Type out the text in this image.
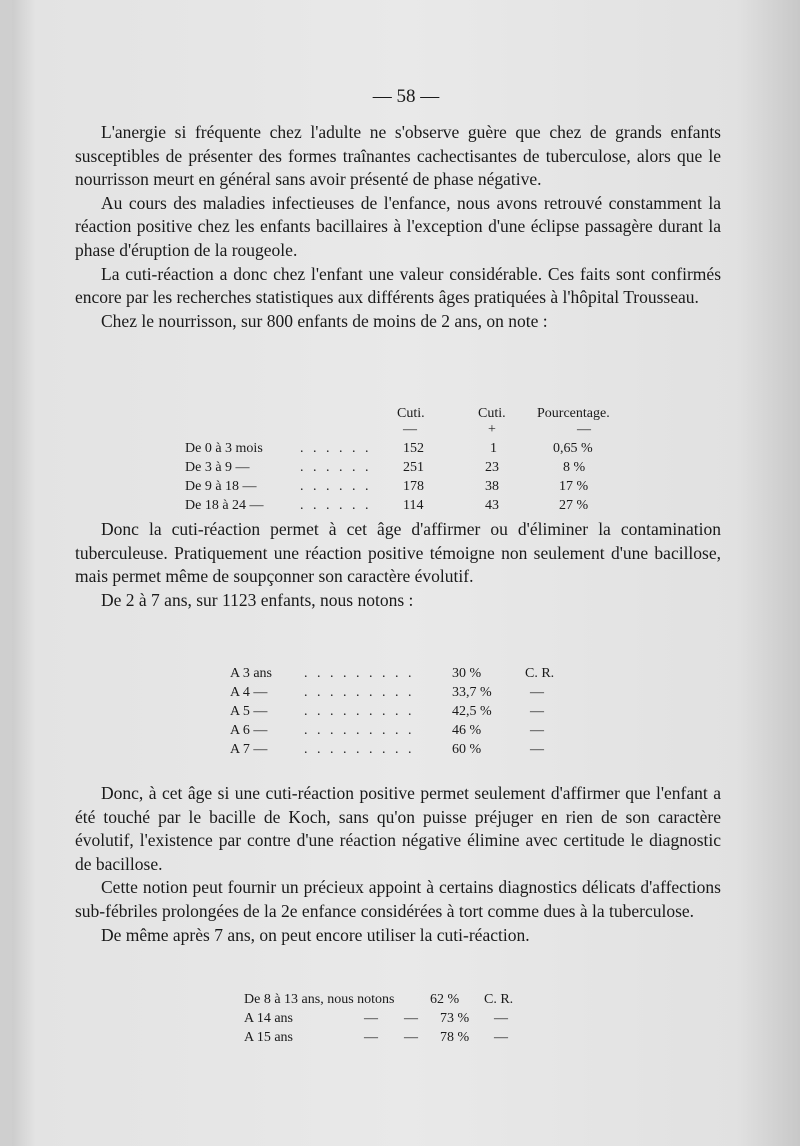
— 58 —

L'anergie si fréquente chez l'adulte ne s'observe guère que chez de grands enfants susceptibles de présenter des formes traînantes cachectisantes de tuberculose, alors que le nourrisson meurt en général sans avoir présenté de phase négative.

Au cours des maladies infectieuses de l'enfance, nous avons retrouvé constamment la réaction positive chez les enfants bacillaires à l'exception d'une éclipse passagère durant la phase d'éruption de la rougeole.

La cuti-réaction a donc chez l'enfant une valeur considérable. Ces faits sont confirmés encore par les recherches statistiques aux différents âges pratiquées à l'hôpital Trousseau.

Chez le nourrisson, sur 800 enfants de moins de 2 ans, on note :

Cuti.	Cuti. Pourcentage.
—	+	—
De 0 à 3 mois	. . . . . . 152	1	0,65 %
De 3 à 9 —	. . . . . . 251	23	8 %
De 9 à 18 —	. . . . . . 178	38	17 %
De 18 à 24 —	. . . . . . 114	43	27 %

Donc la cuti-réaction permet à cet âge d'affirmer ou d'éliminer la contamination tuberculeuse. Pratiquement une réaction positive témoigne non seulement d'une bacillose, mais permet même de soupçonner son caractère évolutif.

De 2 à 7 ans, sur 1123 enfants, nous notons :

A 3 ans . . . . . . . . .	30 %	C. R.
A 4 —	. . . . . . . . .	33,7 %	—
A 5 —	. . . . . . . . .	42,5 %	—
A 6 —	. . . . . . . . .	46 %	—
A 7 —	. . . . . . . . .	60 %	—

Donc, à cet âge si une cuti-réaction positive permet seulement d'affirmer que l'enfant a été touché par le bacille de Koch, sans qu'on puisse préjuger en rien de son caractère évolutif, l'existence par contre d'une réaction négative élimine avec certitude le diagnostic de bacillose.

Cette notion peut fournir un précieux appoint à certains diagnostics délicats d'affections sub-fébriles prolongées de la 2e enfance considérées à tort comme dues à la tuberculose.

De même après 7 ans, on peut encore utiliser la cuti-réaction.

De 8 à 13 ans, nous notons	62 % C. R.
A 14 ans	— — 73 % —
A 15 ans	— — 78 % —
